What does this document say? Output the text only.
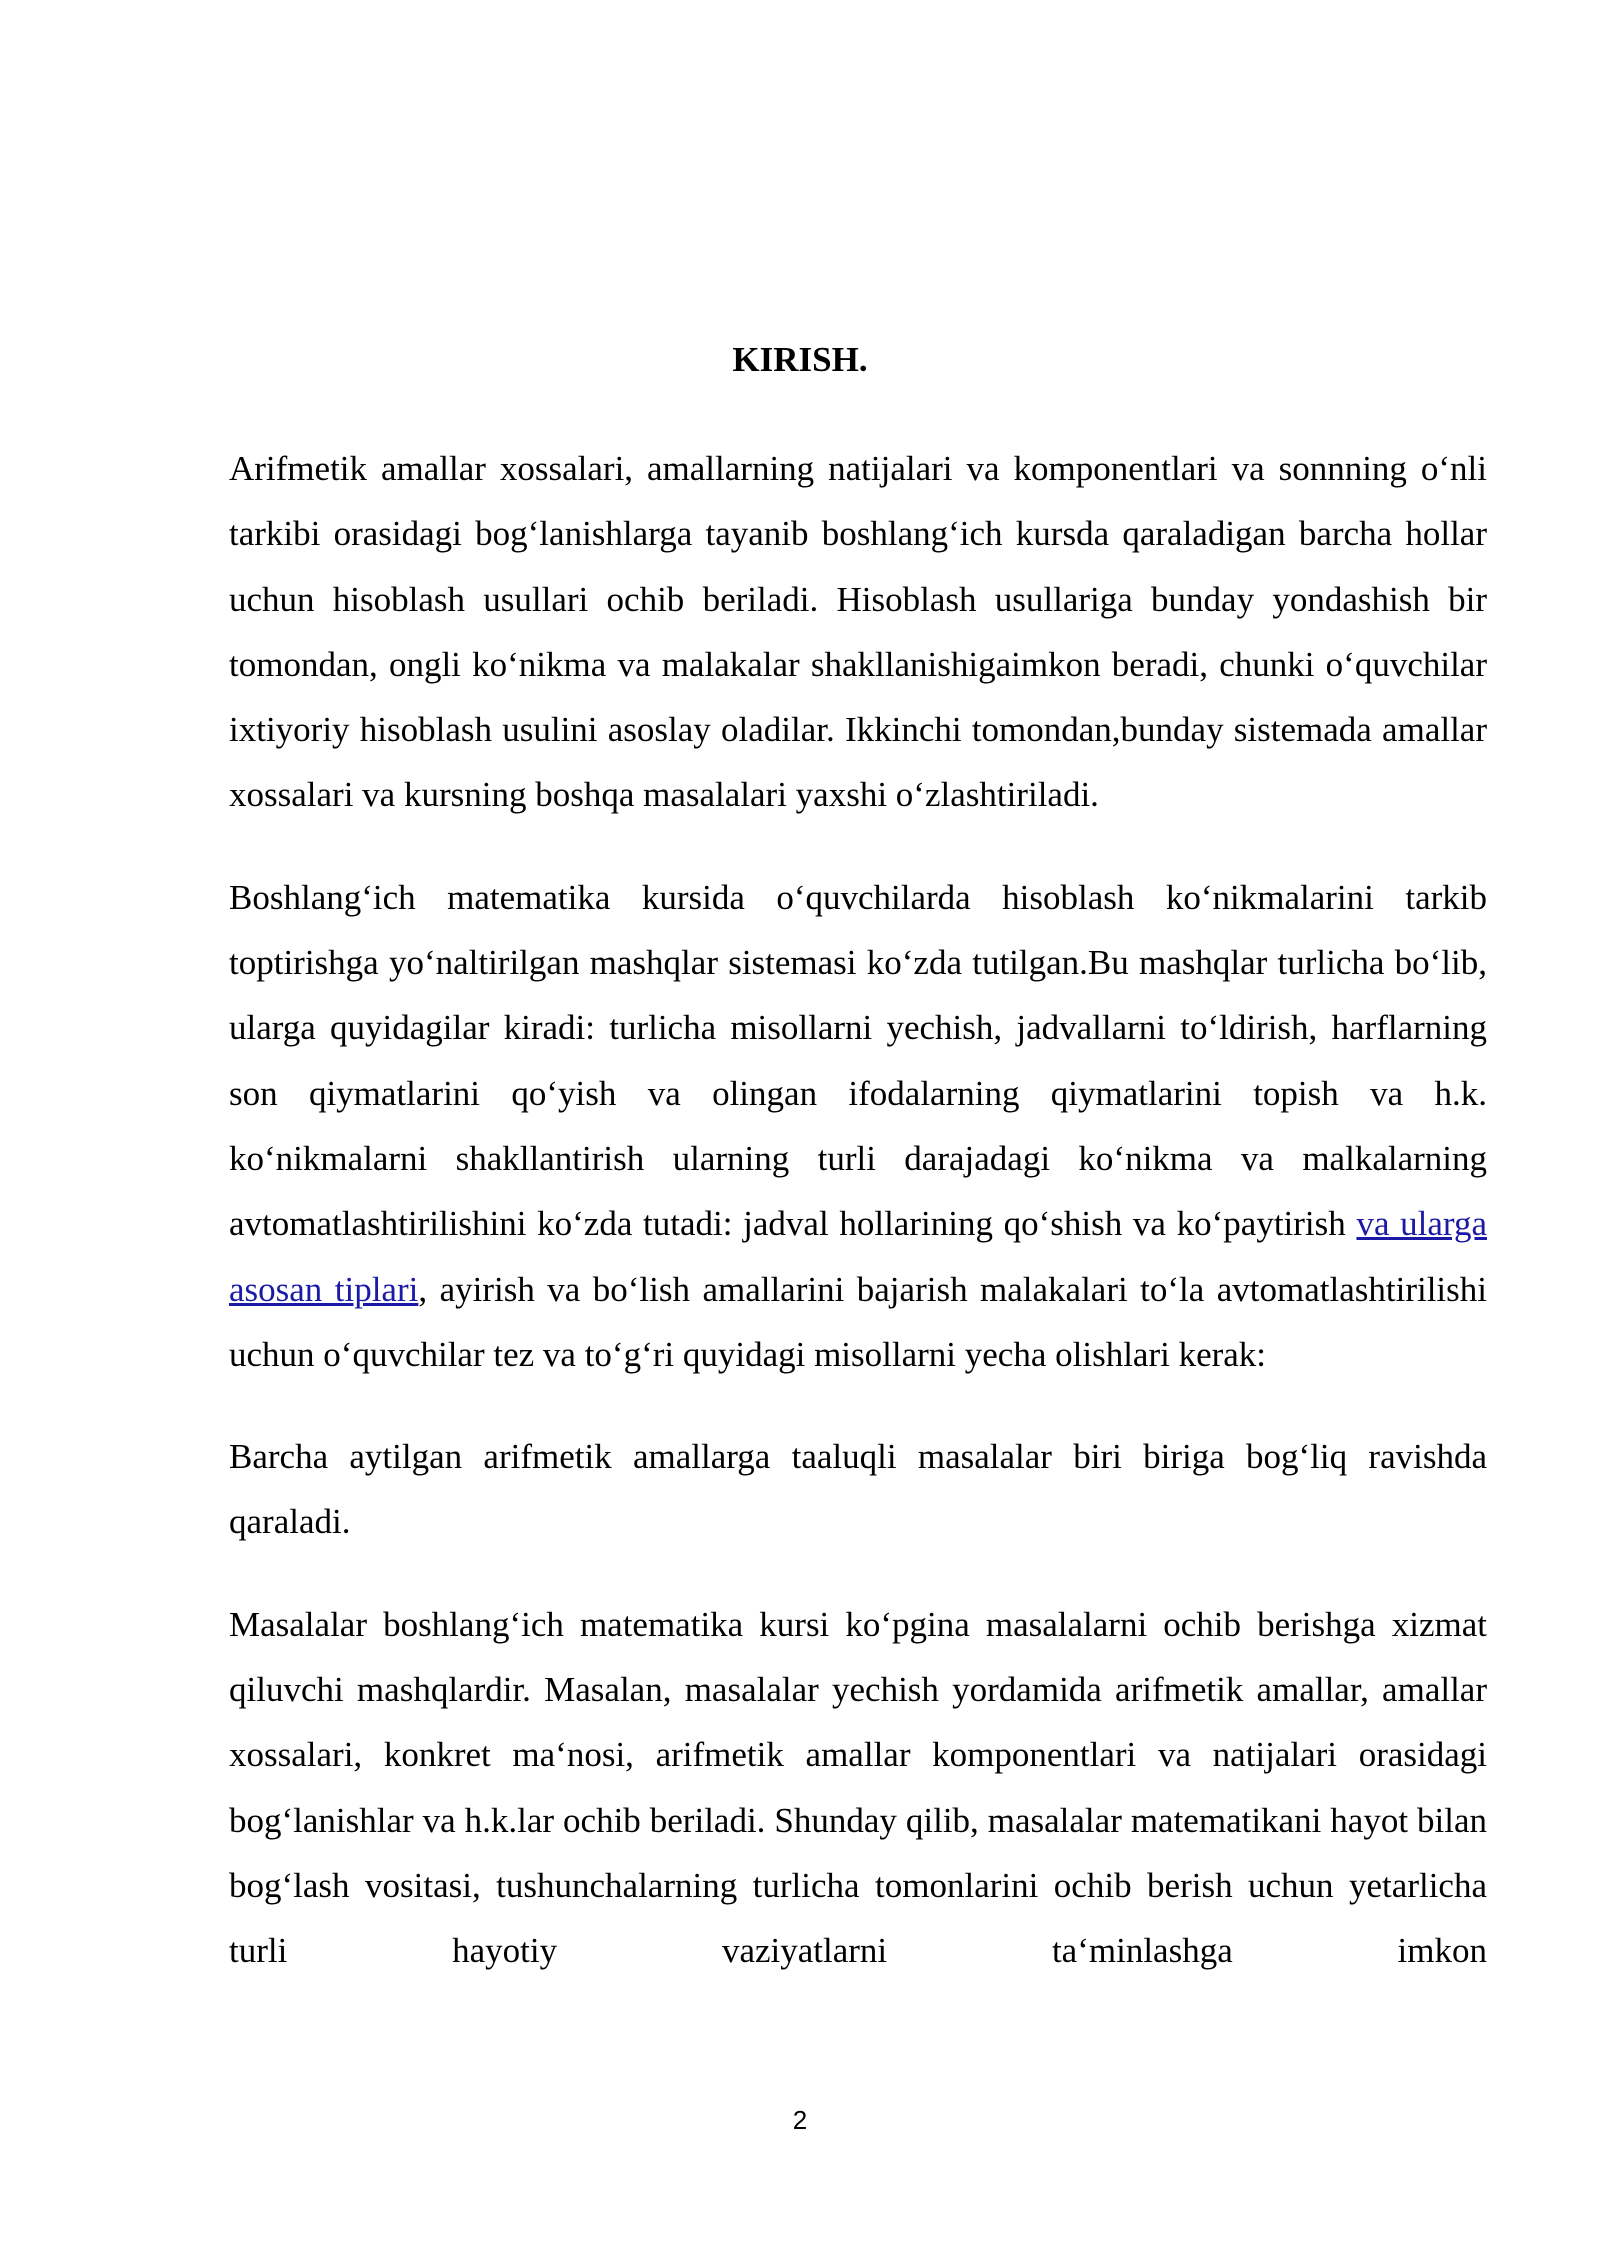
KIRISH.

Arifmetik amallar xossalari, amallarning natijalari va komponentlari va sonnning o‘nli tarkibi orasidagi bog‘lanishlarga tayanib boshlang‘ich kursda qaraladigan barcha hollar uchun hisoblash usullari ochib beriladi. Hisoblash usullariga bunday yondashish bir tomondan, ongli ko‘nikma va malakalar shakllanishigaimkon beradi, chunki o‘quvchilar ixtiyoriy hisoblash usulini asoslay oladilar. Ikkinchi tomondan,bunday sistemada amallar xossalari va kursning boshqa masalalari yaxshi o‘zlashtiriladi.

Boshlang‘ich matematika kursida o‘quvchilarda hisoblash ko‘nikmalarini tarkib toptirishga yo‘naltirilgan mashqlar sistemasi ko‘zda tutilgan.Bu mashqlar turlicha bo‘lib, ularga quyidagilar kiradi: turlicha misollarni yechish, jadvallarni to‘ldirish, harflarning son qiymatlarini qo‘yish va olingan ifodalarning qiymatlarini topish va h.k. ko‘nikmalarni shakllantirish ularning turli darajadagi ko‘nikma va malkalarning avtomatlashtirilishini ko‘zda tutadi: jadval hollarining qo‘shish va ko‘paytirish va ularga asosan tiplari, ayirish va bo‘lish amallarini bajarish malakalari to‘la avtomatlashtirilishi uchun o‘quvchilar tez va to‘g‘ri quyidagi misollarni yecha olishlari kerak:

Barcha aytilgan arifmetik amallarga taaluqli masalalar biri biriga bog‘liq ravishda qaraladi.

Masalalar boshlang‘ich matematika kursi ko‘pgina masalalarni ochib berishga xizmat qiluvchi mashqlardir. Masalan, masalalar yechish yordamida arifmetik amallar, amallar xossalari, konkret ma‘nosi, arifmetik amallar komponentlari va natijalari orasidagi bog‘lanishlar va h.k.lar ochib beriladi. Shunday qilib, masalalar matematikani hayot bilan bog‘lash vositasi, tushunchalarning turlicha tomonlarini ochib berish uchun yetarlicha turli hayotiy vaziyatlarni ta‘minlashga imkon

2
